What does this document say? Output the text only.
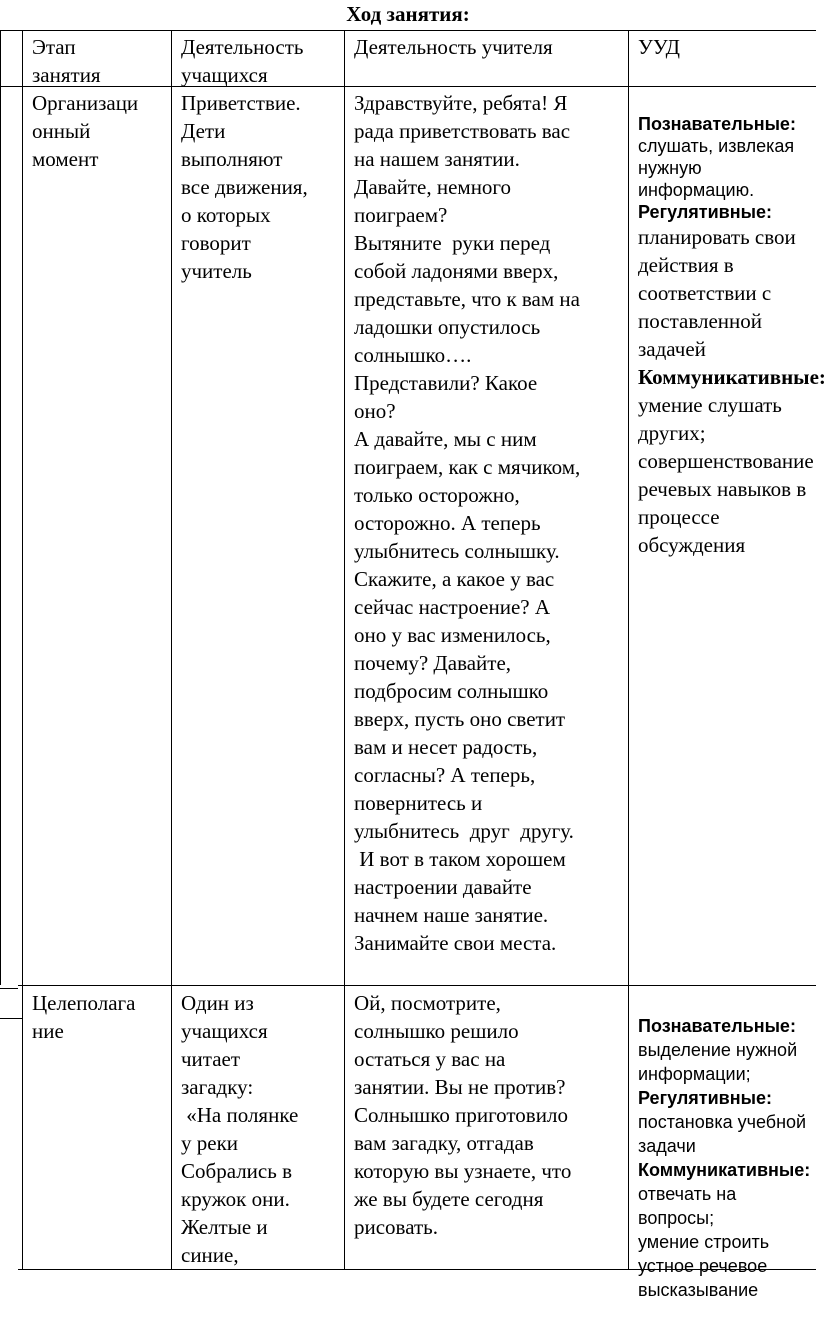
Ход занятия:
Этап
занятия
Деятельность
учащихся
Деятельность учителя	УУД
Организаци
онный
момент
Приветствие.
Дети
выполняют
все движения,
о которых
говорит
учитель
Здравствуйте, ребята! Я
рада приветствовать вас
на нашем занятии.
Давайте, немного
поиграем?
Вытяните  руки перед
собой ладонями вверх,
представьте, что к вам на
ладошки опустилось
солнышко….
Представили? Какое
оно?
А давайте, мы с ним
поиграем, как с мячиком,
только осторожно,
осторожно. А теперь
улыбнитесь солнышку.
Скажите, а какое у вас
сейчас настроение? А
оно у вас изменилось,
почему? Давайте,
подбросим солнышко
вверх, пусть оно светит
вам и несет радость,
согласны? А теперь,
повернитесь и
улыбнитесь  друг  другу.
И вот в таком хорошем
настроении давайте
начнем наше занятие.
Занимайте свои места.

Познавательные:
слушать, извлекая
нужную информацию.
Регулятивные:
планировать свои
действия в
соответствии с
поставленной
задачей
Коммуникативные:
умение слушать
других;
совершенствование
речевых навыков в
процессе
обсуждения

Целеполага
ние
Один из
учащихся
читает
загадку:
«На полянке
у реки
Собрались в
кружок они.
Желтые и
синие,
Ой, посмотрите,
солнышко решило
остаться у вас на
занятии. Вы не против?
Солнышко приготовило
вам загадку, отгадав
которую вы узнаете, что
же вы будете сегодня
рисовать.

Познавательные:
выделение нужной
информации;
Регулятивные:
постановка учебной
задачи
Коммуникативные:
отвечать на вопросы;
умение строить
устное речевое
высказывание
